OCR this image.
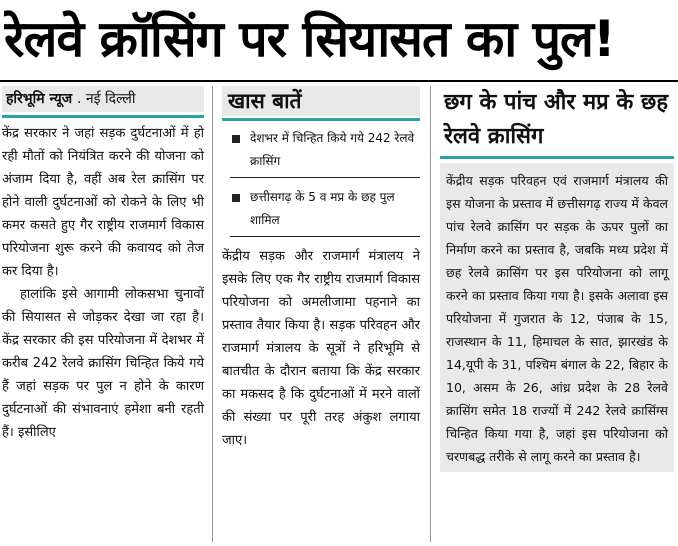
रेलवे क्रॉसिंग पर सियासत का पुल!
हरिभूमि न्यूज . नई दिल्ली

केंद्र सरकार ने जहां सड़क दुर्घटनाओं में हो रही मौतों को नियंत्रित करने की योजना को अंजाम दिया है, वहीं अब रेल क्रासिंग पर होने वाली दुर्घटनाओं को रोकने के लिए भी कमर कसते हुए गैर राष्ट्रीय राजमार्ग विकास परियोजना शुरू करने की कवायद को तेज कर दिया है।

हालांकि इसे आगामी लोकसभा चुनावों की सियासत से जोड़कर देखा जा रहा है। केंद्र सरकार की इस परियोजना में देशभर में करीब 242 रेलवे क्रासिंग चिन्हित किये गये हैं जहां सड़क पर पुल न होने के कारण दुर्घटनाओं की संभावनाएं हमेशा बनी रहती हैं। इसीलिए

खास बातें
देशभर में चिन्हित किये गये 242 रेलवे क्रासिंग
छत्तीसगढ़ के 5 व मप्र के छह पुल शामिल

केंद्रीय सड़क और राजमार्ग मंत्रालय ने इसके लिए एक गैर राष्ट्रीय राजमार्ग विकास परियोजना को अमलीजामा पहनाने का प्रस्ताव तैयार किया है। सड़क परिवहन और राजमार्ग मंत्रालय के सूत्रों ने हरिभूमि से बातचीत के दौरान बताया कि केंद्र सरकार का मकसद है कि दुर्घटनाओं में मरने वालों की संख्या पर पूरी तरह अंकुश लगाया जाए।

छग के पांच और मप्र के छह रेलवे क्रासिंग
केंद्रीय सड़क परिवहन एवं राजमार्ग मंत्रालय की इस योजना के प्रस्ताव में छत्तीसगढ़ राज्य में केवल पांच रेलवे क्रासिंग पर सड़क के ऊपर पुलों का निर्माण करने का प्रस्ताव है, जबकि मध्य प्रदेश में छह रेलवे क्रासिंग पर इस परियोजना को लागू करने का प्रस्ताव किया गया है। इसके अलावा इस परियोजना में गुजरात के 12, पंजाब के 15, राजस्थान के 11, हिमाचल के सात, झारखंड के 14,यूपी के 31, पश्चिम बंगाल के 22, बिहार के 10, असम के 26, आंध्र प्रदेश के 28 रेलवे क्रासिंग समेत 18 राज्यों में 242 रेलवे क्रासिंग्स चिन्हित किया गया है, जहां इस परियोजना को चरणबद्ध तरीके से लागू करने का प्रस्ताव है।
